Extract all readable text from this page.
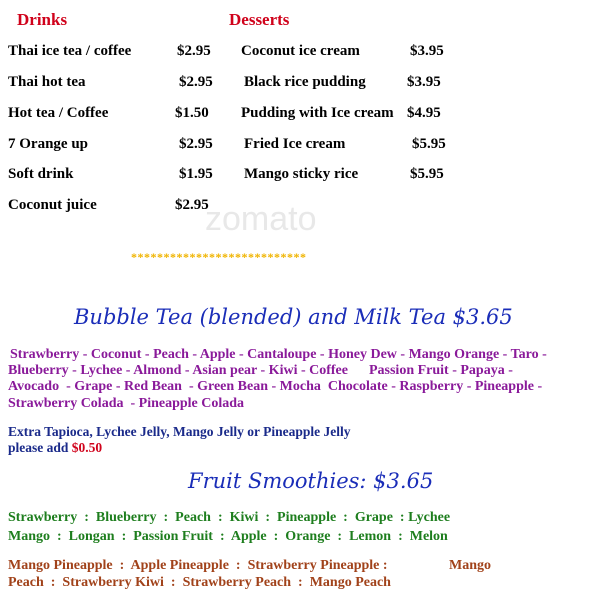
zomato
Drinks
Thai ice tea / coffee	$2.95
Thai hot tea	$2.95
Hot tea / Coffee	$1.50
7 Orange up	$2.95
Soft drink	$1.95
Coconut juice	$2.95
Desserts
Coconut ice cream	$3.95
Black rice pudding	$3.95
Pudding with Ice cream $4.95
Fried Ice cream	$5.95
Mango sticky rice	$5.95
***************************
Bubble Tea (blended) and Milk Tea $3.65
Strawberry - Coconut - Peach - Apple - Cantaloupe - Honey Dew - Mango Orange - Taro -
Blueberry - Lychee - Almond - Asian pear - Kiwi - Coffee      Passion Fruit - Papaya -
Avocado  - Grape - Red Bean  - Green Bean - Mocha  Chocolate - Raspberry - Pineapple -
Strawberry Colada  - Pineapple Colada
Extra Tapioca, Lychee Jelly, Mango Jelly or Pineapple Jelly
please add $0.50
Fruit Smoothies: $3.65
Strawberry  :  Blueberry  :  Peach  :  Kiwi  :  Pineapple  :  Grape  : Lychee
Mango  :  Longan  :  Passion Fruit  :  Apple  :  Orange  :  Lemon  :  Melon
Mango Pineapple  :  Apple Pineapple  :  Strawberry Pineapple :	Mango
Peach  :  Strawberry Kiwi  :  Strawberry Peach  :  Mango Peach
